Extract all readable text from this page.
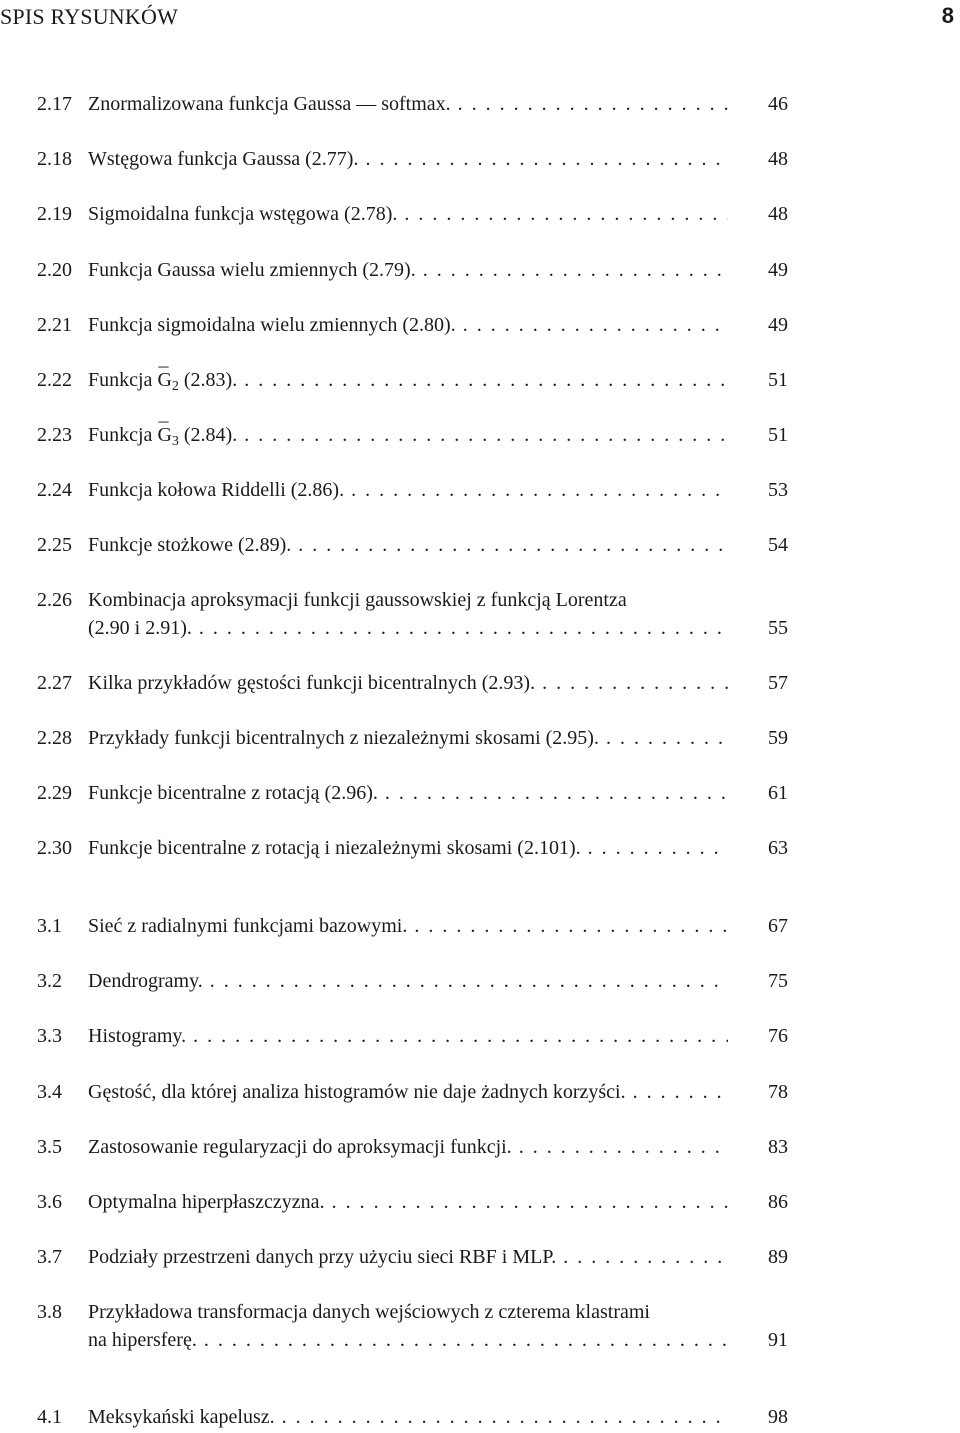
SPIS RYSUNKÓW	8
2.17 Znormalizowana funkcja Gaussa — softmax. . . .	46
2.18 Wstęgowa funkcja Gaussa (2.77). . . .	48
2.19 Sigmoidalna funkcja wstęgowa (2.78). . . .	48
2.20 Funkcja Gaussa wielu zmiennych (2.79). . . .	49
2.21 Funkcja sigmoidalna wielu zmiennych (2.80). . . .	49
2.22 Funkcja ¯ $G_2$ (2.83). . . .	51
2.23 Funkcja ¯ $G_3$ (2.84). . . .	51
2.24 Funkcja kołowa Riddelli (2.86). . . .	53
2.25 Funkcje stożkowe (2.89). . . .	54
2.26 Kombinacja aproksymacji funkcji gaussowskiej z funkcją Lorentza
(2.90 i 2.91). . . .	55
2.27 Kilka przykładów gęstości funkcji bicentralnych (2.93). . . .	57
2.28 Przykłady funkcji bicentralnych z niezależnymi skosami (2.95). . . .	59
2.29 Funkcje bicentralne z rotacją (2.96). . . .	61
2.30 Funkcje bicentralne z rotacją i niezależnymi skosami (2.101). . . .	63
3.1 Sieć z radialnymi funkcjami bazowymi. . . .	67
3.2 Dendrogramy. . . .	75
3.3 Histogramy. . . .	76
3.4 Gęstość, dla której analiza histogramów nie daje żadnych korzyści. . . .	78
3.5 Zastosowanie regularyzacji do aproksymacji funkcji. . . .	83
3.6 Optymalna hiperpłaszczyzna. . . .	86
3.7 Podziały przestrzeni danych przy użyciu sieci RBF i MLP. . . .	89
3.8 Przykładowa transformacja danych wejściowych z czterema klastrami
na hipersferę. . . .	91
4.1 Meksykański kapelusz. . . .	98
